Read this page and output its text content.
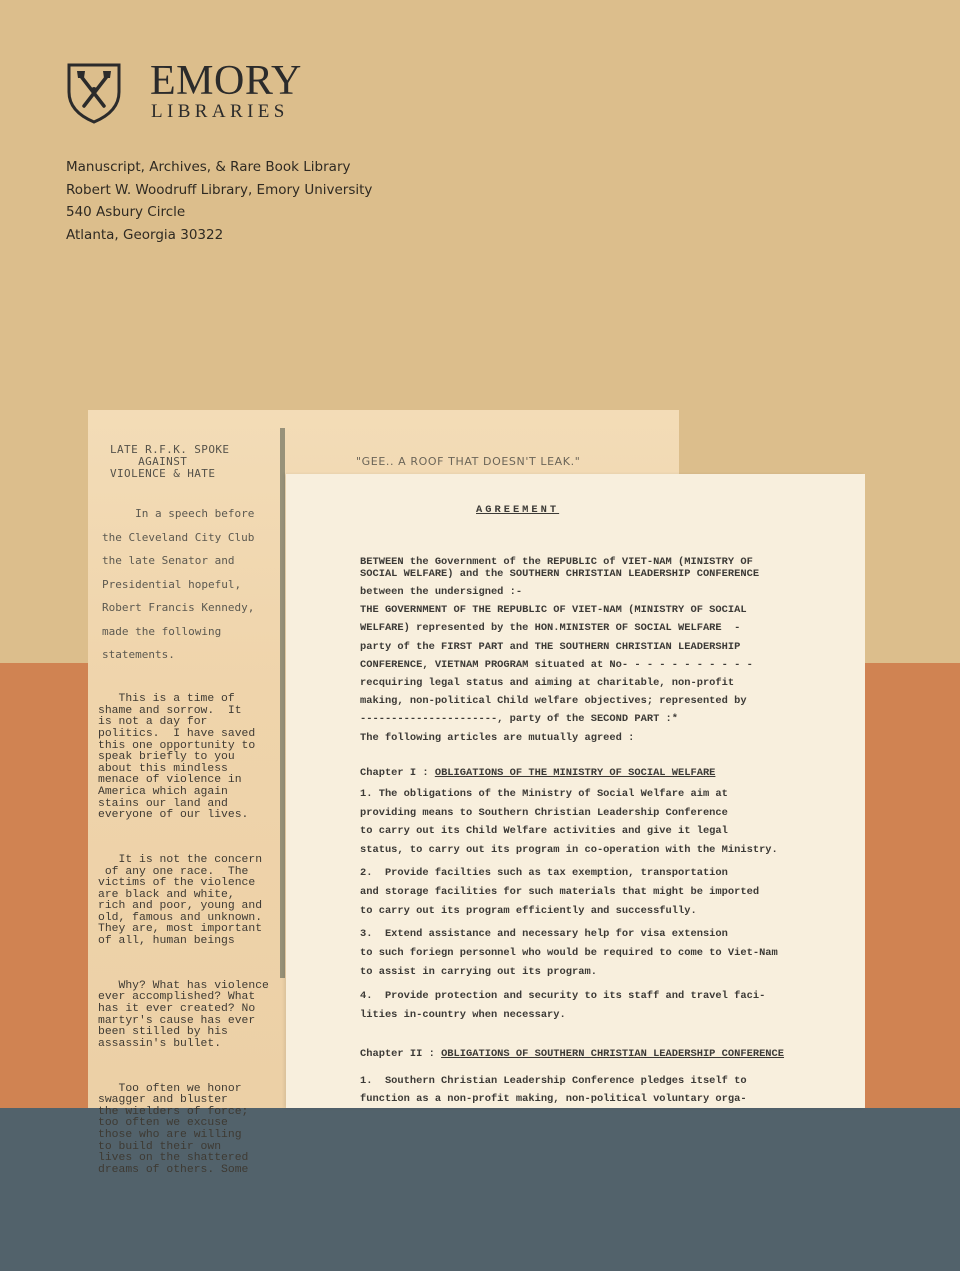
EMORY
LIBRARIES
Manuscript, Archives, & Rare Book Library
Robert W. Woodruff Library, Emory University
540 Asbury Circle
Atlanta, Georgia 30322
LATE R.F.K. SPOKE
AGAINST
VIOLENCE & HATE
"GEE.. A ROOF THAT DOESN'T LEAK."
In a speech before
the Cleveland City Club
the late Senator and
Presidential hopeful,
Robert Francis Kennedy,
made the following
statements.

This is a time of
shame and sorrow.  It
is not a day for
politics.  I have saved
this one opportunity to
speak briefly to you
about this mindless
menace of violence in
America which again
stains our land and
everyone of our lives.

It is not the concern
of any one race.  The
victims of the violence
are black and white,
rich and poor, young and
old, famous and unknown.
They are, most important
of all, human beings

Why? What has violence
ever accomplished? What
has it ever created? No
martyr's cause has ever
been stilled by his
assassin's bullet.

Too often we honor
swagger and bluster
the wielders of force;
too often we excuse
those who are willing
to build their own
lives on the shattered
dreams of others. Some

AGREEMENT
BETWEEN the Government of the REPUBLIC of VIET-NAM (MINISTRY OF
SOCIAL WELFARE) and the SOUTHERN CHRISTIAN LEADERSHIP CONFERENCE
between the undersigned :-
THE GOVERNMENT OF THE REPUBLIC OF VIET-NAM (MINISTRY OF SOCIAL
WELFARE) represented by the HON.MINISTER OF SOCIAL WELFARE  -
party of the FIRST PART and THE SOUTHERN CHRISTIAN LEADERSHIP
CONFERENCE, VIETNAM PROGRAM situated at No- - - - - - - - - - -
recquiring legal status and aiming at charitable, non-profit
making, non-political Child welfare objectives; represented by
----------------------, party of the SECOND PART :*
The following articles are mutually agreed :
Chapter I : OBLIGATIONS OF THE MINISTRY OF SOCIAL WELFARE
1. The obligations of the Ministry of Social Welfare aim at
providing means to Southern Christian Leadership Conference
to carry out its Child Welfare activities and give it legal
status, to carry out its program in co-operation with the Ministry.
2.  Provide facilties such as tax exemption, transportation
and storage facilities for such materials that might be imported
to carry out its program efficiently and successfully.
3.  Extend assistance and necessary help for visa extension
to such foriegn personnel who would be required to come to Viet-Nam
to assist in carrying out its program.
4.  Provide protection and security to its staff and travel faci-
lities in-country when necessary.
Chapter II : OBLIGATIONS OF SOUTHERN CHRISTIAN LEADERSHIP CONFERENCE
1.  Southern Christian Leadership Conference pledges itself to
function as a non-profit making, non-political voluntary orga-
